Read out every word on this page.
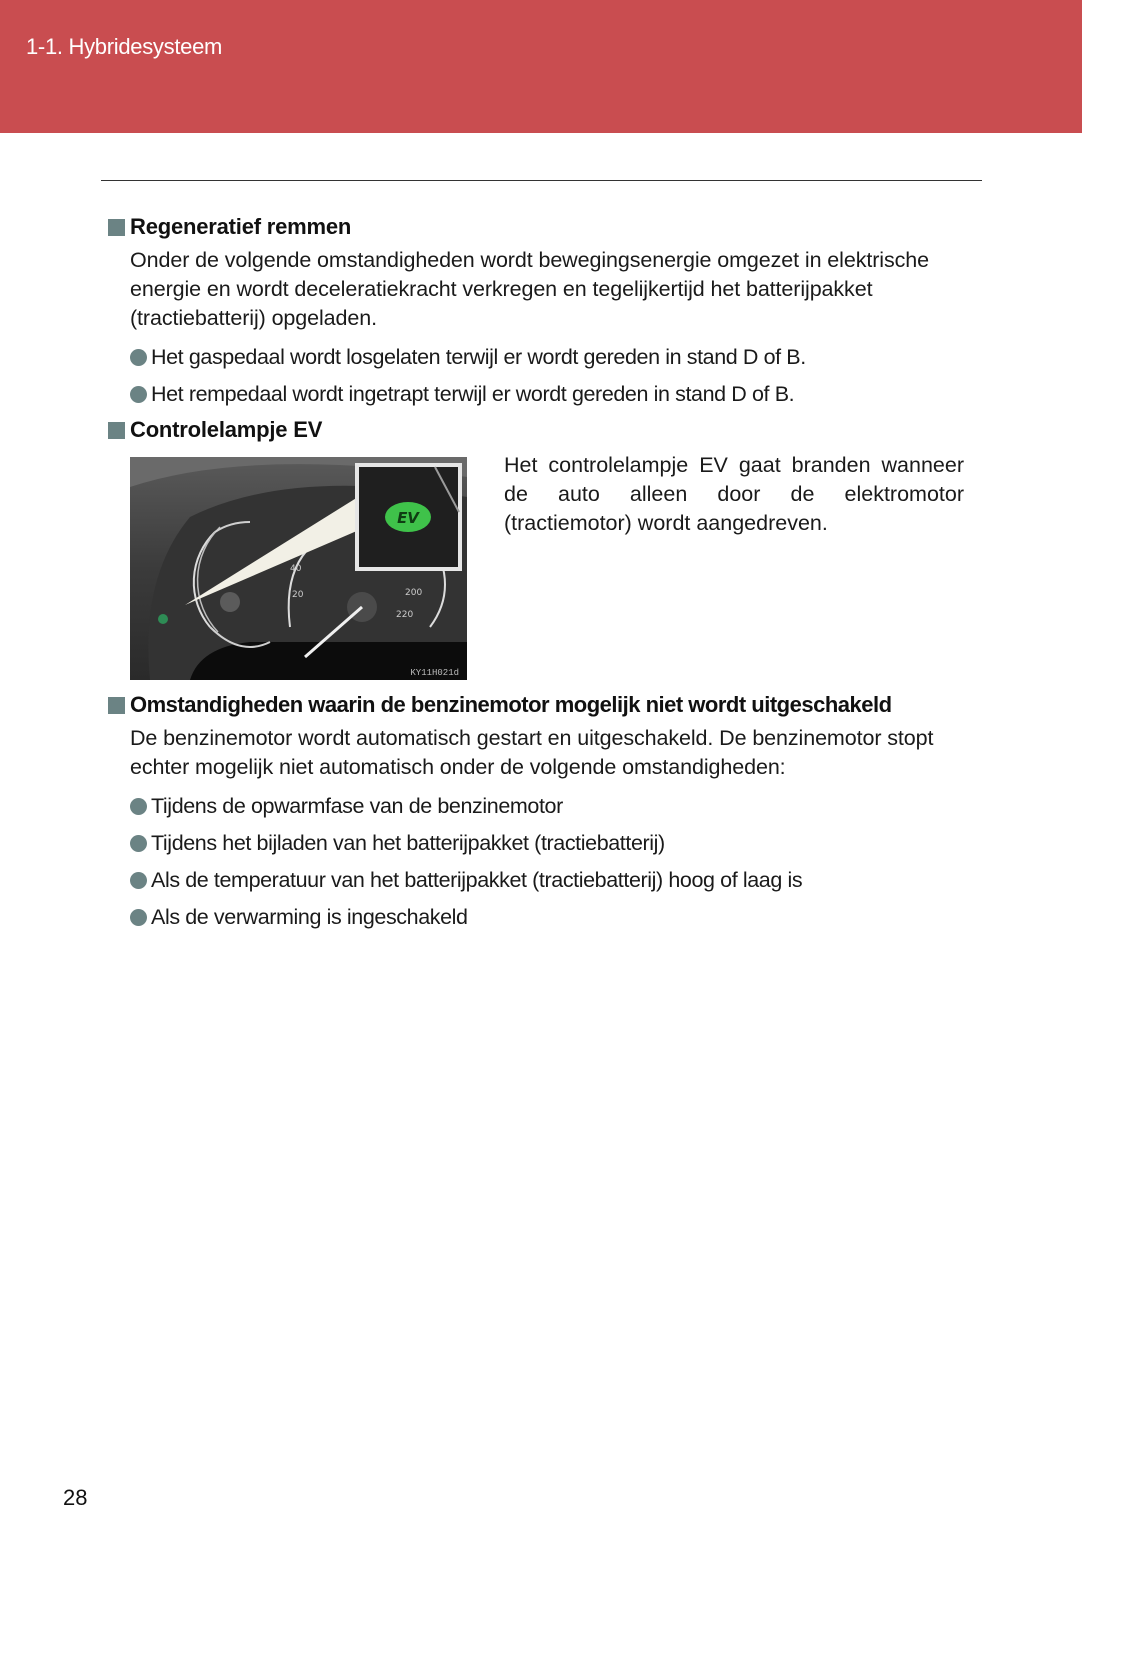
1-1. Hybridesysteem
Regeneratief remmen

Onder de volgende omstandigheden wordt bewegingsenergie omgezet in elektrische energie en wordt deceleratiekracht verkregen en tegelijkertijd het batterijpakket (tractiebatterij) opgeladen.

Het gaspedaal wordt losgelaten terwijl er wordt gereden in stand D of B.
Het rempedaal wordt ingetrapt terwijl er wordt gereden in stand D of B.
Controlelampje EV
40
20	200
220
EV
KY11H021d

Het controlelampje EV gaat branden wanneer de auto alleen door de elektromotor (tractiemotor) wordt aangedreven.

Omstandigheden waarin de benzinemotor mogelijk niet wordt uitgeschakeld

De benzinemotor wordt automatisch gestart en uitgeschakeld. De benzinemotor stopt echter mogelijk niet automatisch onder de volgende omstandigheden:

Tijdens de opwarmfase van de benzinemotor
Tijdens het bijladen van het batterijpakket (tractiebatterij)
Als de temperatuur van het batterijpakket (tractiebatterij) hoog of laag is
Als de verwarming is ingeschakeld
28
